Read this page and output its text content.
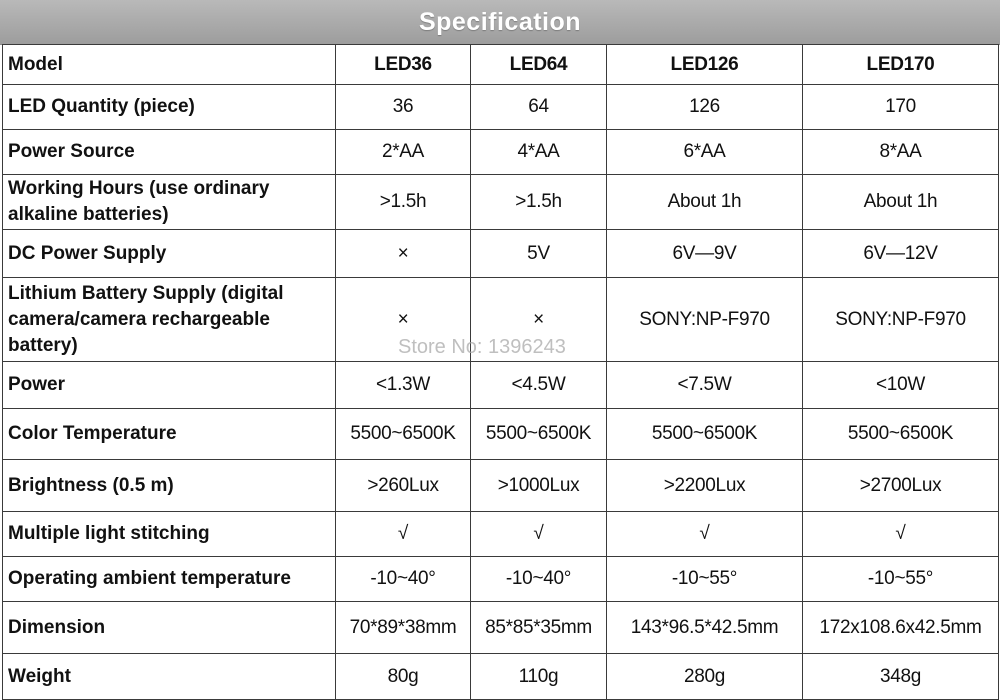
Specification
Model	LED36	LED64	LED126	LED170
LED Quantity (piece)	36	64	126	170
Power Source	2*AA	4*AA	6*AA	8*AA
Working Hours (use ordinary alkaline batteries)	>1.5h	>1.5h	About 1h	About 1h
DC Power Supply	×	5V	6V—9V	6V—12V
Lithium Battery Supply (digital camera/camera rechargeable battery)	×	×	SONY:NP-F970	SONY:NP-F970
Power	<1.3W	<4.5W	<7.5W	<10W
Color Temperature	5500~6500K	5500~6500K	5500~6500K	5500~6500K
Brightness (0.5 m)	>260Lux	>1000Lux	>2200Lux	>2700Lux
Multiple light stitching	√	√	√	√
Operating ambient temperature	-10~40°	-10~40°	-10~55°	-10~55°
Dimension	70*89*38mm	85*85*35mm	143*96.5*42.5mm	172x108.6x42.5mm
Weight	80g	110g	280g	348g
Store No: 1396243
